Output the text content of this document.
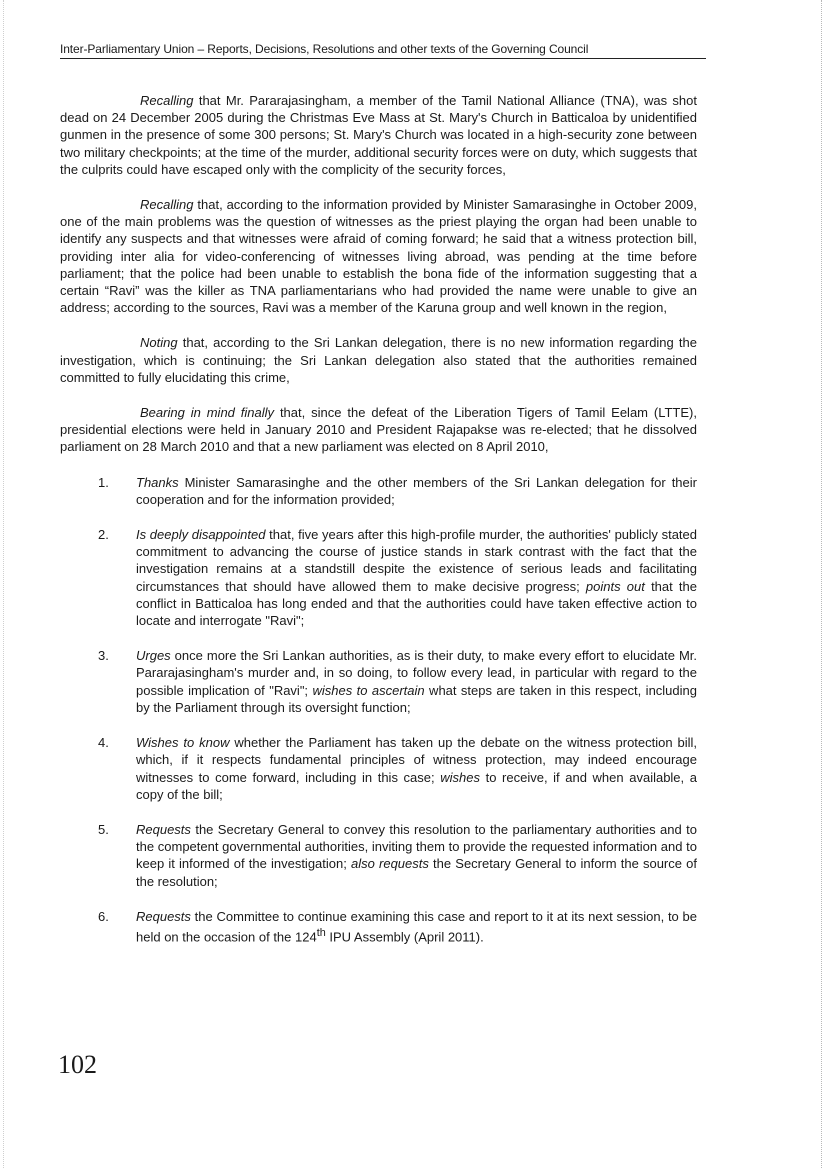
Inter-Parliamentary Union – Reports, Decisions, Resolutions and other texts of the Governing Council

Recalling that Mr. Pararajasingham, a member of the Tamil National Alliance (TNA), was shot dead on 24 December 2005 during the Christmas Eve Mass at St. Mary's Church in Batticaloa by unidentified gunmen in the presence of some 300 persons; St. Mary's Church was located in a high-security zone between two military checkpoints; at the time of the murder, additional security forces were on duty, which suggests that the culprits could have escaped only with the complicity of the security forces,

Recalling that, according to the information provided by Minister Samarasinghe in October 2009, one of the main problems was the question of witnesses as the priest playing the organ had been unable to identify any suspects and that witnesses were afraid of coming forward; he said that a witness protection bill, providing inter alia for video-conferencing of witnesses living abroad, was pending at the time before parliament; that the police had been unable to establish the bona fide of the information suggesting that a certain “Ravi” was the killer as TNA parliamentarians who had provided the name were unable to give an address; according to the sources, Ravi was a member of the Karuna group and well known in the region,

Noting that, according to the Sri Lankan delegation, there is no new information regarding the investigation, which is continuing; the Sri Lankan delegation also stated that the authorities remained committed to fully elucidating this crime,

Bearing in mind finally that, since the defeat of the Liberation Tigers of Tamil Eelam (LTTE), presidential elections were held in January 2010 and President Rajapakse was re-elected; that he dissolved parliament on 28 March 2010 and that a new parliament was elected on 8 April 2010,

1. Thanks Minister Samarasinghe and the other members of the Sri Lankan delegation for their cooperation and for the information provided;
2. Is deeply disappointed that, five years after this high-profile murder, the authorities' publicly stated commitment to advancing the course of justice stands in stark contrast with the fact that the investigation remains at a standstill despite the existence of serious leads and facilitating circumstances that should have allowed them to make decisive progress; points out that the conflict in Batticaloa has long ended and that the authorities could have taken effective action to locate and interrogate "Ravi";
3. Urges once more the Sri Lankan authorities, as is their duty, to make every effort to elucidate Mr. Pararajasingham's murder and, in so doing, to follow every lead, in particular with regard to the possible implication of "Ravi"; wishes to ascertain what steps are taken in this respect, including by the Parliament through its oversight function;
4. Wishes to know whether the Parliament has taken up the debate on the witness protection bill, which, if it respects fundamental principles of witness protection, may indeed encourage witnesses to come forward, including in this case; wishes to receive, if and when available, a copy of the bill;
5. Requests the Secretary General to convey this resolution to the parliamentary authorities and to the competent governmental authorities, inviting them to provide the requested information and to keep it informed of the investigation; also requests the Secretary General to inform the source of the resolution;
6. Requests the Committee to continue examining this case and report to it at its next session, to be held on the occasion of the 124th IPU Assembly (April 2011).
102
